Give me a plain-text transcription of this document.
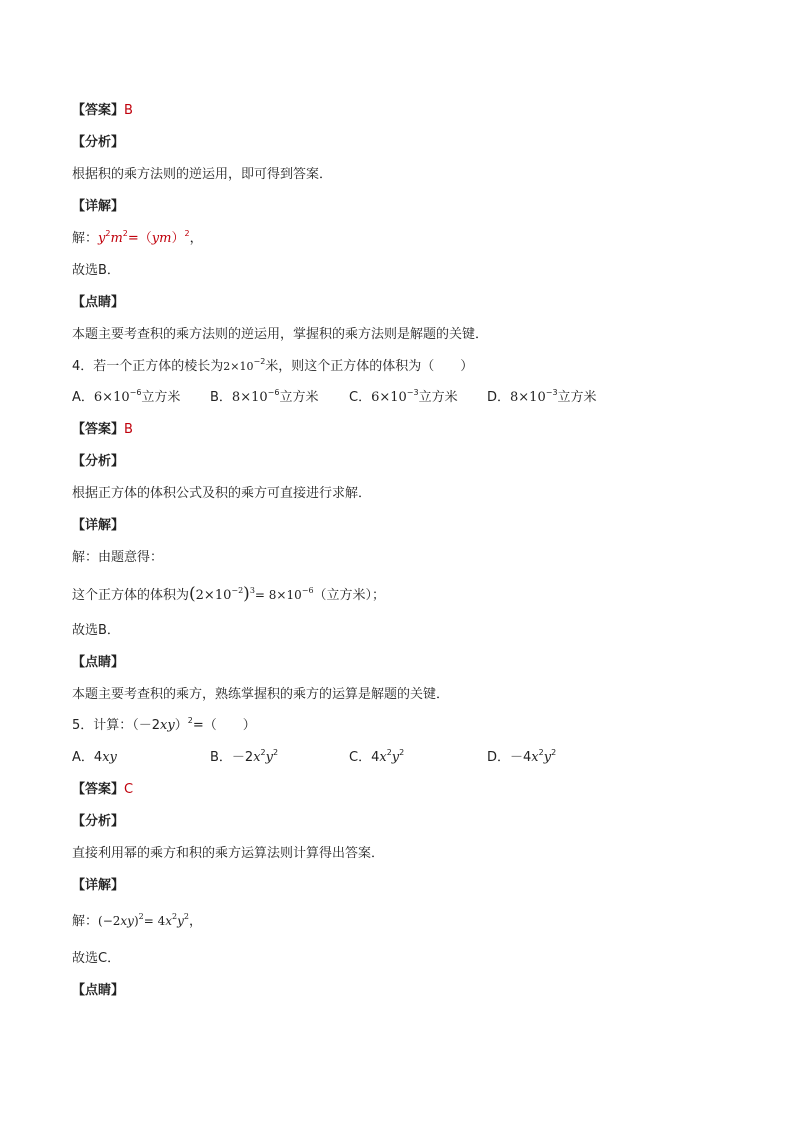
【答案】B
【分析】
根据积的乘方法则的逆运用，即可得到答案．
【详解】
解：$y^2m^2=(ym)^2$，
故选B．
【点睛】
本题主要考查积的乘方法则的逆运用，掌握积的乘方法则是解题的关键．
4．若一个正方体的棱长为$2\times 10^{-2}$米，则这个正方体的体积为（　　）
A．$6\times 10^{-6}$立方米 B．$8\times 10^{-6}$立方米 C．$6\times 10^{-3}$立方米 D．$8\times 10^{-3}$立方米
【答案】B
【分析】
根据正方体的体积公式及积的乘方可直接进行求解．
【详解】
解：由题意得：
这个正方体的体积为$(2\times 10^{-2})^3= 8\times 10^{-6}$（立方米）；
故选B．
【点睛】
本题主要考查积的乘方，熟练掌握积的乘方的运算是解题的关键．
5．计算：$(-2xy)^2=$（　　）
A．4xy	B．$-2x^2y^2$	C．$4x^2y^2$	D．$-4x^2y^2$
【答案】C
【分析】
直接利用幂的乘方和积的乘方运算法则计算得出答案．
【详解】
解：$(-2xy)^2= 4x^2y^2$，
故选C．
【点睛】
